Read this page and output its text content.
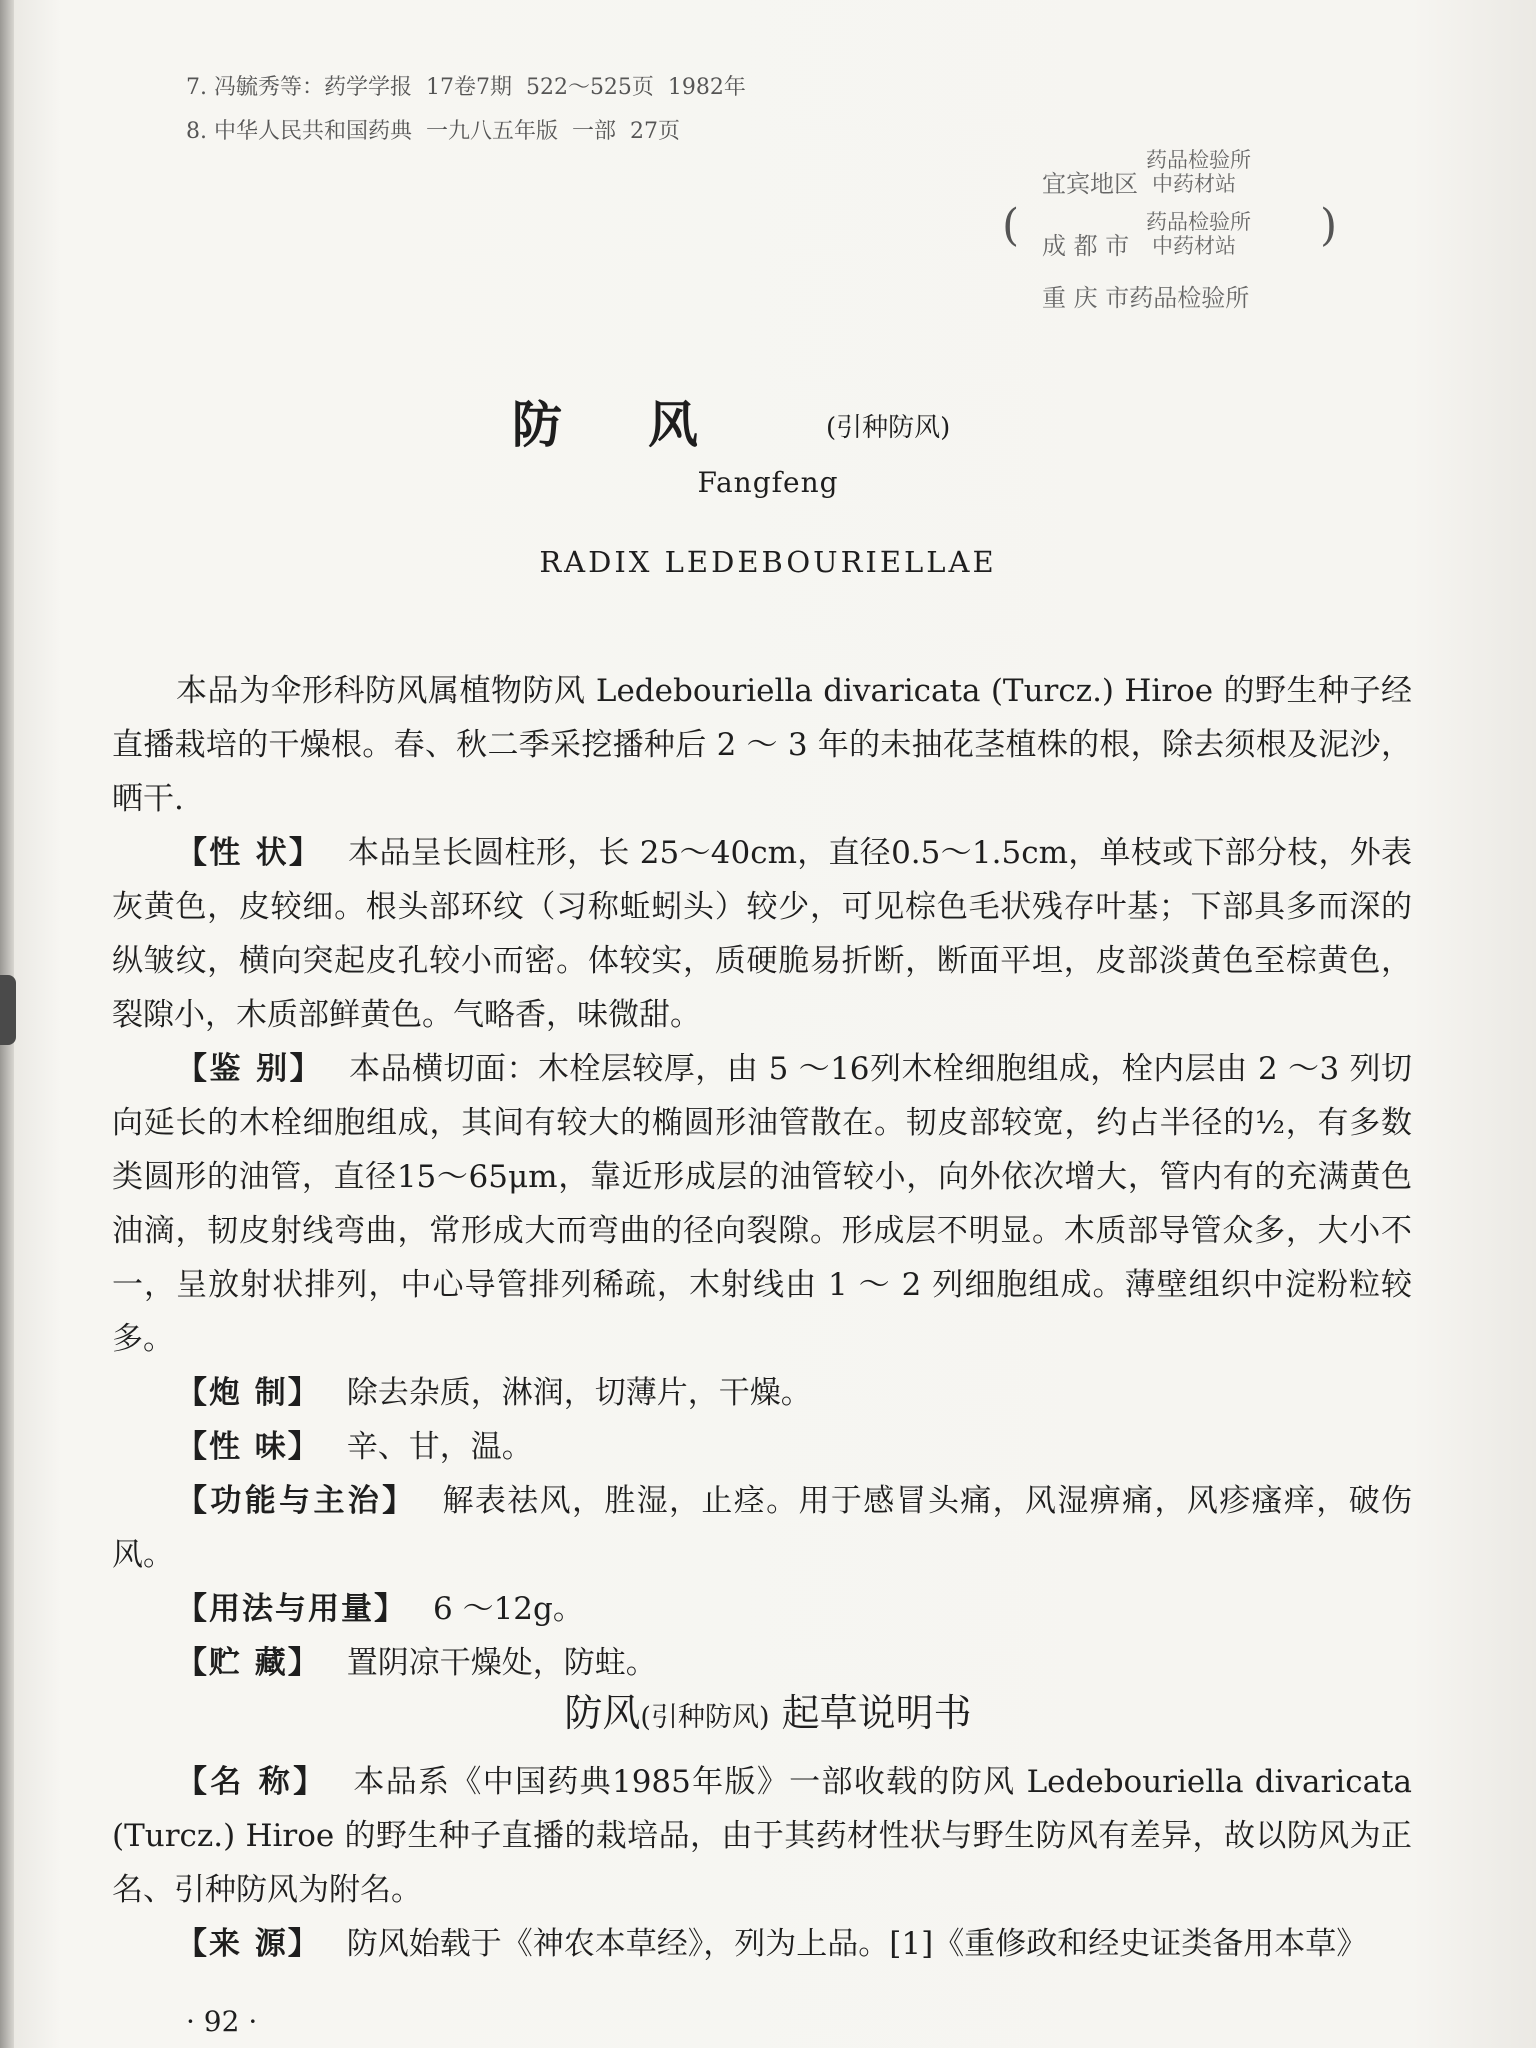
7. 冯毓秀等：药学学报  17卷7期  522～525页  1982年
8. 中华人民共和国药典  一九八五年版  一部  27页
(	)
宜宾地区
药品检验所
中药材站
成 都 市
药品检验所
中药材站
重 庆 市药品检验所
防风 (引种防风)
Fangfeng
RADIX LEDEBOURIELLAE

本品为伞形科防风属植物防风 Ledebouriella divaricata (Turcz.) Hiroe 的野生种子经直播栽培的干燥根。春、秋二季采挖播种后 2 ～ 3 年的未抽花茎植株的根，除去须根及泥沙，晒干.

【性 状】 本品呈长圆柱形，长 25～40cm，直径0.5～1.5cm，单枝或下部分枝，外表灰黄色，皮较细。根头部环纹（习称蚯蚓头）较少，可见棕色毛状残存叶基；下部具多而深的纵皱纹，横向突起皮孔较小而密。体较实，质硬脆易折断，断面平坦，皮部淡黄色至棕黄色，裂隙小，木质部鲜黄色。气略香，味微甜。

【鉴 别】 本品横切面：木栓层较厚，由 5 ～16列木栓细胞组成，栓内层由 2 ～3 列切向延长的木栓细胞组成，其间有较大的椭圆形油管散在。韧皮部较宽，约占半径的½，有多数类圆形的油管，直径15～65μm，靠近形成层的油管较小，向外依次增大，管内有的充满黄色油滴，韧皮射线弯曲，常形成大而弯曲的径向裂隙。形成层不明显。木质部导管众多，大小不一，呈放射状排列，中心导管排列稀疏，木射线由 1 ～ 2 列细胞组成。薄壁组织中淀粉粒较多。

【炮 制】 除去杂质，淋润，切薄片，干燥。

【性 味】 辛、甘，温。

【功能与主治】 解表祛风，胜湿，止痉。用于感冒头痛，风湿痹痛，风疹瘙痒，破伤风。

【用法与用量】 6 ～12g。

【贮 藏】 置阴凉干燥处，防蛀。

防风(引种防风) 起草说明书

【名 称】 本品系《中国药典1985年版》一部收载的防风 Ledebouriella divaricata (Turcz.) Hiroe 的野生种子直播的栽培品，由于其药材性状与野生防风有差异，故以防风为正名、引种防风为附名。

【来 源】 防风始载于《神农本草经》，列为上品。[1]《重修政和经史证类备用本草》

· 92 ·
